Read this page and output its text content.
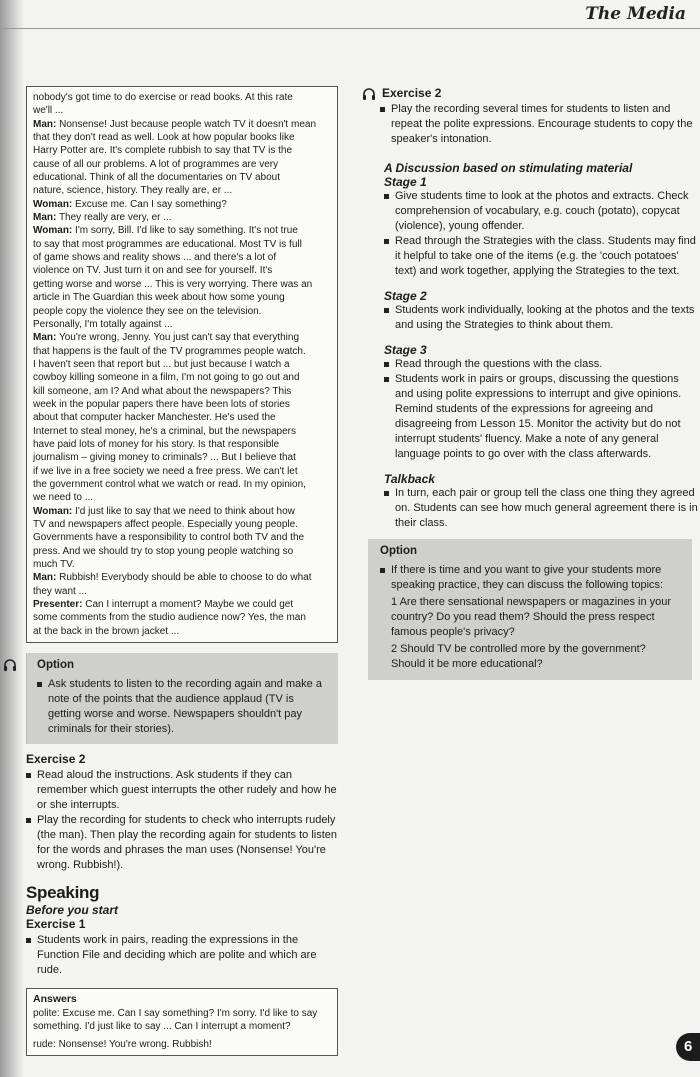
The Media
nobody's got time to do exercise or read books. At this rate
we'll ...
Man: Nonsense! Just because people watch TV it doesn't mean
that they don't read as well. Look at how popular books like
Harry Potter are. It's complete rubbish to say that TV is the
cause of all our problems. A lot of programmes are very
educational. Think of all the documentaries on TV about
nature, science, history. They really are, er ...
Woman: Excuse me. Can I say something?
Man: They really are very, er ...
Woman: I'm sorry, Bill. I'd like to say something. It's not true
to say that most programmes are educational. Most TV is full
of game shows and reality shows ... and there's a lot of
violence on TV. Just turn it on and see for yourself. It's
getting worse and worse ... This is very worrying. There was an
article in The Guardian this week about how some young
people copy the violence they see on the television.
Personally, I'm totally against ...
Man: You're wrong, Jenny. You just can't say that everything
that happens is the fault of the TV programmes people watch.
I haven't seen that report but ... but just because I watch a
cowboy killing someone in a film, I'm not going to go out and
kill someone, am I? And what about the newspapers? This
week in the popular papers there have been lots of stories
about that computer hacker Manchester. He's used the
Internet to steal money, he's a criminal, but the newspapers
have paid lots of money for his story. Is that responsible
journalism – giving money to criminals? ... But I believe that
if we live in a free society we need a free press. We can't let
the government control what we watch or read. In my opinion,
we need to ...
Woman: I'd just like to say that we need to think about how
TV and newspapers affect people. Especially young people.
Governments have a responsibility to control both TV and the
press. And we should try to stop young people watching so
much TV.
Man: Rubbish! Everybody should be able to choose to do what
they want ...
Presenter: Can I interrupt a moment? Maybe we could get
some comments from the studio audience now? Yes, the man
at the back in the brown jacket ...
Option
Ask students to listen to the recording again and make a note of the points that the audience applaud (TV is getting worse and worse. Newspapers shouldn't pay criminals for their stories).
Exercise 2
Read aloud the instructions. Ask students if they can remember which guest interrupts the other rudely and how he or she interrupts.
Play the recording for students to check who interrupts rudely (the man). Then play the recording again for students to listen for the words and phrases the man uses (Nonsense! You're wrong. Rubbish!).
Speaking
Before you start
Exercise 1
Students work in pairs, reading the expressions in the Function File and deciding which are polite and which are rude.
Answers
polite: Excuse me. Can I say something? I'm sorry. I'd like to say something. I'd just like to say ... Can I interrupt a moment?
rude: Nonsense! You're wrong. Rubbish!
Exercise 2
Play the recording several times for students to listen and repeat the polite expressions. Encourage students to copy the speaker's intonation.
A Discussion based on stimulating material
Stage 1
Give students time to look at the photos and extracts. Check comprehension of vocabulary, e.g. couch (potato), copycat (violence), young offender.
Read through the Strategies with the class. Students may find it helpful to take one of the items (e.g. the 'couch potatoes' text) and work together, applying the Strategies to the text.
Stage 2
Students work individually, looking at the photos and the texts and using the Strategies to think about them.
Stage 3
Read through the questions with the class.
Students work in pairs or groups, discussing the questions and using polite expressions to interrupt and give opinions. Remind students of the expressions for agreeing and disagreeing from Lesson 15. Monitor the activity but do not interrupt students' fluency. Make a note of any general language points to go over with the class afterwards.
Talkback
In turn, each pair or group tell the class one thing they agreed on. Students can see how much general agreement there is in their class.
Option
If there is time and you want to give your students more speaking practice, they can discuss the following topics:
1 Are there sensational newspapers or magazines in your country? Do you read them? Should the press respect famous people's privacy?
2 Should TV be controlled more by the government? Should it be more educational?
6
